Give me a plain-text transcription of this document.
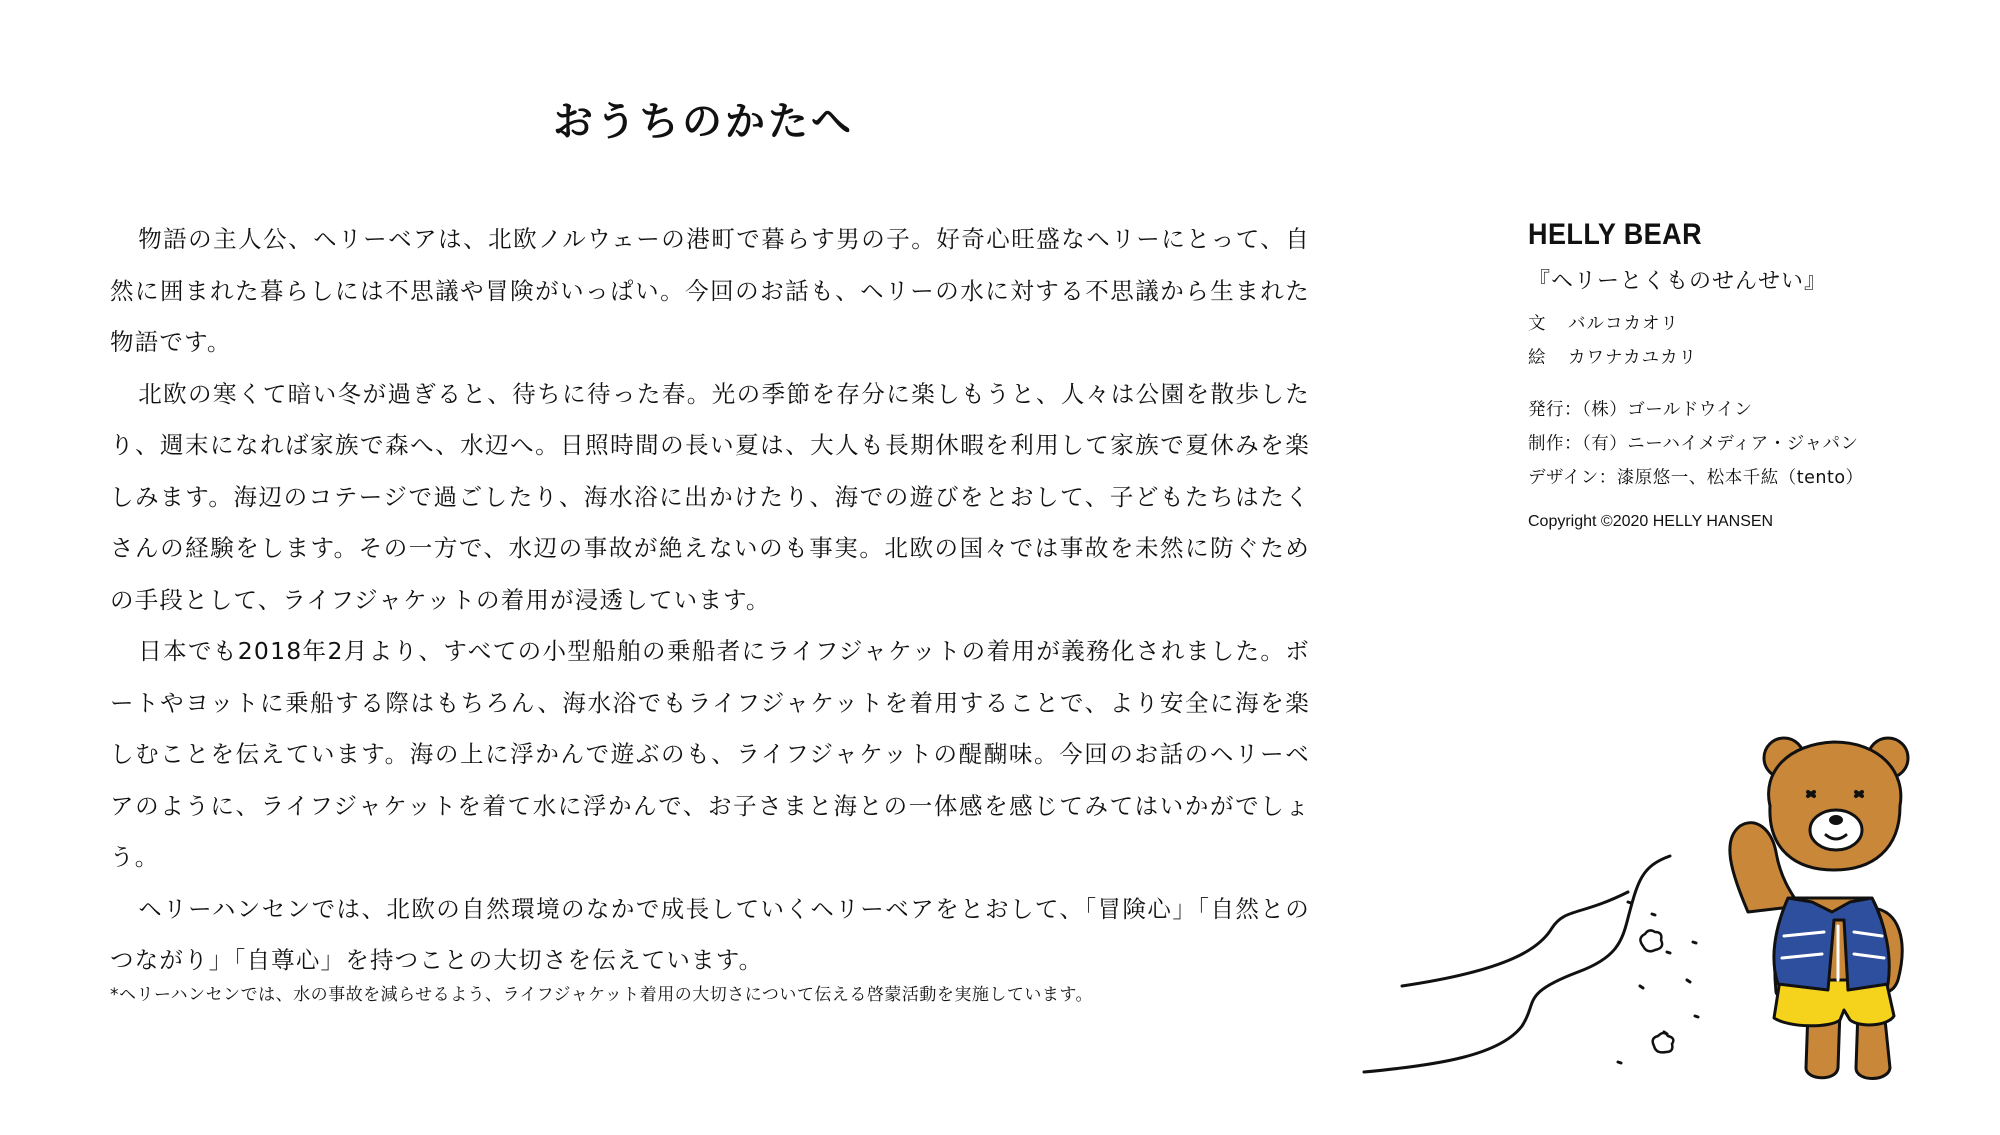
おうちのかたへ

物語の主人公、ヘリーベアは、北欧ノルウェーの港町で暮らす男の子。好奇心旺盛なヘリーにとって、自然に囲まれた暮らしには不思議や冒険がいっぱい。今回のお話も、ヘリーの水に対する不思議から生まれた物語です。

北欧の寒くて暗い冬が過ぎると、待ちに待った春。光の季節を存分に楽しもうと、人々は公園を散歩したり、週末になれば家族で森へ、水辺へ。日照時間の長い夏は、大人も長期休暇を利用して家族で夏休みを楽しみます。海辺のコテージで過ごしたり、海水浴に出かけたり、海での遊びをとおして、子どもたちはたくさんの経験をします。その一方で、水辺の事故が絶えないのも事実。北欧の国々では事故を未然に防ぐための手段として、ライフジャケットの着用が浸透しています。

日本でも2018年2月より、すべての小型船舶の乗船者にライフジャケットの着用が義務化されました。ボートやヨットに乗船する際はもちろん、海水浴でもライフジャケットを着用することで、より安全に海を楽しむことを伝えています。海の上に浮かんで遊ぶのも、ライフジャケットの醍醐味。今回のお話のヘリーベアのように、ライフジャケットを着て水に浮かんで、お子さまと海との一体感を感じてみてはいかがでしょう。

ヘリーハンセンでは、北欧の自然環境のなかで成長していくヘリーベアをとおして、「冒険心」「自然とのつながり」「自尊心」を持つことの大切さを伝えています。

*ヘリーハンセンでは、水の事故を減らせるよう、ライフジャケット着用の大切さについて伝える啓蒙活動を実施しています。
HELLY BEAR
『ヘリーとくものせんせい』
文 バルコカオリ
絵 カワナカユカリ
発行：（株）ゴールドウイン
制作：（有）ニーハイメディア・ジャパン
デザイン：漆原悠一、松本千紘（tento）
Copyright ©2020 HELLY HANSEN
